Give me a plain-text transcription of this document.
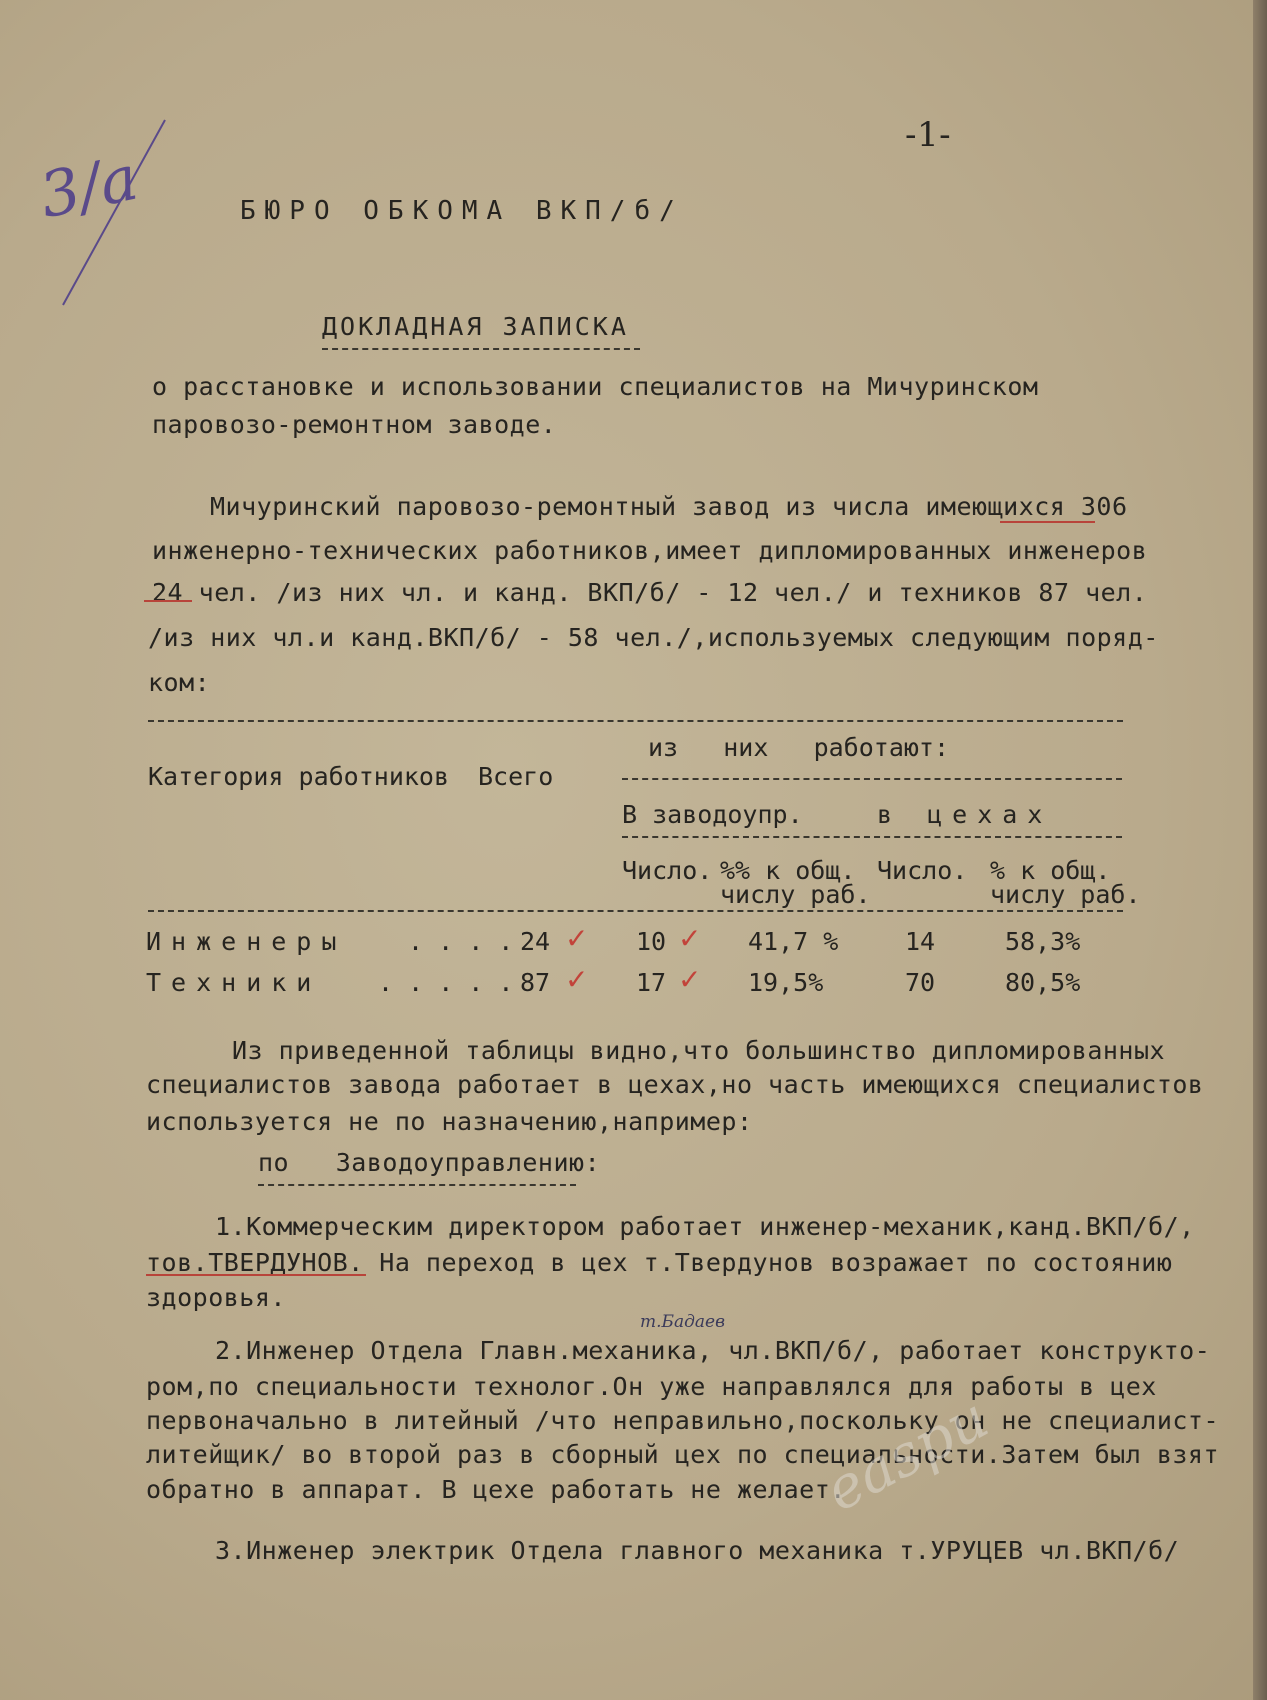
3/a
-1-
БЮРО ОБКОМА ВКП/б/
ДОКЛАДНАЯ ЗАПИСКА
о расстановке и использовании специалистов на Мичуринском
паровозо-ремонтном заводе.
Мичуринский паровозо-ремонтный завод из числа имеющихся 306
инженерно-технических работников,имеет дипломированных инженеров
24 чел. /из них чл. и канд. ВКП/б/ - 12 чел./ и техников 87 чел.
/из них чл.и канд.ВКП/б/ - 58 чел./,используемых следующим поряд-
ком:
из   них   работают:
Категория работников Всего
В заводоупр.	в цехах
Число. %% к общ.
числу раб.
Число. % к общ.
числу раб.
Инженеры . . . . 24 ✓ 10 ✓ 41,7 %	14	58,3%
Техники . . . . . 87 ✓ 17 ✓ 19,5%	70	80,5%
Из приведенной таблицы видно,что большинство дипломированных
специалистов завода работает в цехах,но часть имеющихся специалистов
используется не по назначению,например:
по   Заводоуправлению:
1.Коммерческим директором работает инженер-механик,канд.ВКП/б/,
тов.ТВЕРДУНОВ. На переход в цех т.Твердунов возражает по состоянию
здоровья.
т.Бадаев
2.Инженер Отдела Главн.механика, чл.ВКП/б/, работает конструкто-
ром,по специальности технолог.Он уже направлялся для работы в цех
первоначально в литейный /что неправильно,поскольку он не специалист-
литейщик/ во второй раз в сборный цех по специальности.Затем был взят
обратно в аппарат. В цехе работать не желает.
3.Инженер электрик Отдела главного механика т.УРУЦЕВ чл.ВКП/б/
easpu
